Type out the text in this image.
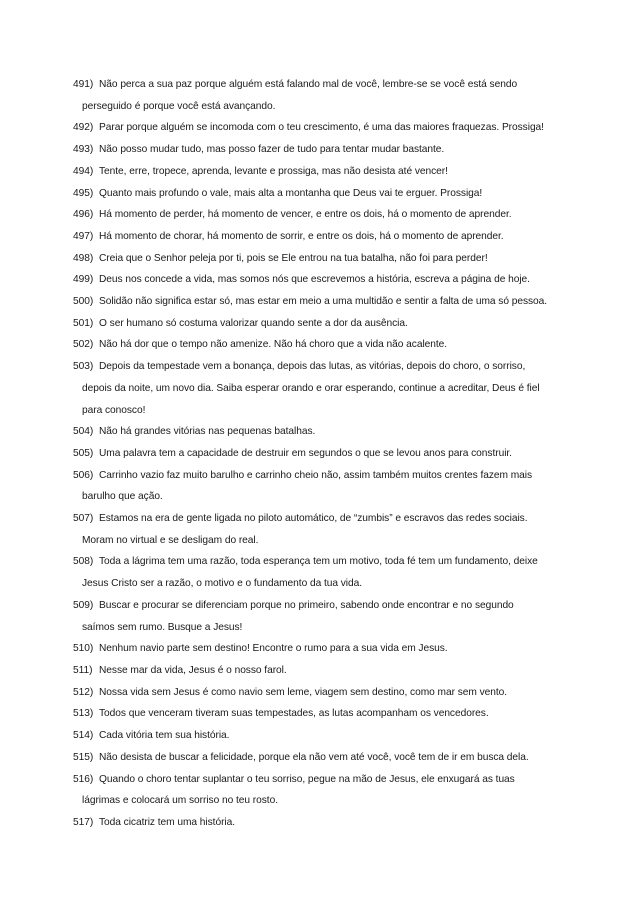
491) Não perca a sua paz porque alguém está falando mal de você, lembre-se se você está sendo
perseguido é porque você está avançando.
492) Parar porque alguém se incomoda com o teu crescimento, é uma das maiores fraquezas. Prossiga!
493) Não posso mudar tudo, mas posso fazer de tudo para tentar mudar bastante.
494) Tente, erre, tropece, aprenda, levante e prossiga, mas não desista até vencer!
495) Quanto mais profundo o vale, mais alta a montanha que Deus vai te erguer. Prossiga!
496) Há momento de perder, há momento de vencer, e entre os dois, há o momento de aprender.
497) Há momento de chorar, há momento de sorrir, e entre os dois, há o momento de aprender.
498) Creia que o Senhor peleja por ti, pois se Ele entrou na tua batalha, não foi para perder!
499) Deus nos concede a vida, mas somos nós que escrevemos a história, escreva a página de hoje.
500) Solidão não significa estar só, mas estar em meio a uma multidão e sentir a falta de uma só pessoa.
501) O ser humano só costuma valorizar quando sente a dor da ausência.
502) Não há dor que o tempo não amenize. Não há choro que a vida não acalente.
503) Depois da tempestade vem a bonança, depois das lutas, as vitórias, depois do choro, o sorriso,
depois da noite, um novo dia. Saiba esperar orando e orar esperando, continue a acreditar, Deus é fiel
para conosco!
504) Não há grandes vitórias nas pequenas batalhas.
505) Uma palavra tem a capacidade de destruir em segundos o que se levou anos para construir.
506) Carrinho vazio faz muito barulho e carrinho cheio não, assim também muitos crentes fazem mais
barulho que ação.
507) Estamos na era de gente ligada no piloto automático, de “zumbis” e escravos das redes sociais.
Moram no virtual e se desligam do real.
508) Toda a lágrima tem uma razão, toda esperança tem um motivo, toda fé tem um fundamento, deixe
Jesus Cristo ser a razão, o motivo e o fundamento da tua vida.
509) Buscar e procurar se diferenciam porque no primeiro, sabendo onde encontrar e no segundo
saímos sem rumo. Busque a Jesus!
510) Nenhum navio parte sem destino! Encontre o rumo para a sua vida em Jesus.
511) Nesse mar da vida, Jesus é o nosso farol.
512) Nossa vida sem Jesus é como navio sem leme, viagem sem destino, como mar sem vento.
513) Todos que venceram tiveram suas tempestades, as lutas acompanham os vencedores.
514) Cada vitória tem sua história.
515) Não desista de buscar a felicidade, porque ela não vem até você, você tem de ir em busca dela.
516) Quando o choro tentar suplantar o teu sorriso, pegue na mão de Jesus, ele enxugará as tuas
lágrimas e colocará um sorriso no teu rosto.
517) Toda cicatriz tem uma história.
